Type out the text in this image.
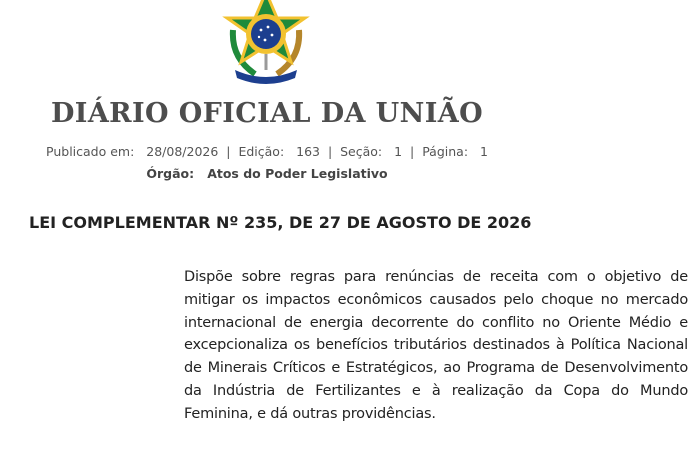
DIÁRIO OFICIAL DA UNIÃO
Publicado em: 28/08/2026  |  Edição: 163  |  Seção: 1  |  Página: 1
Órgão: Atos do Poder Legislativo
LEI COMPLEMENTAR Nº 235, DE 27 DE AGOSTO DE 2026
Dispõe sobre regras para renúncias de receita com o objetivo de mitigar os impactos econômicos causados pelo choque no mercado internacional de energia decorrente do conflito no Oriente Médio e excepcionaliza os benefícios tributários destinados à Política Nacional de Minerais Críticos e Estratégicos, ao Programa de Desenvolvimento da Indústria de Fertilizantes e à realização da Copa do Mundo Feminina, e dá outras providências.
